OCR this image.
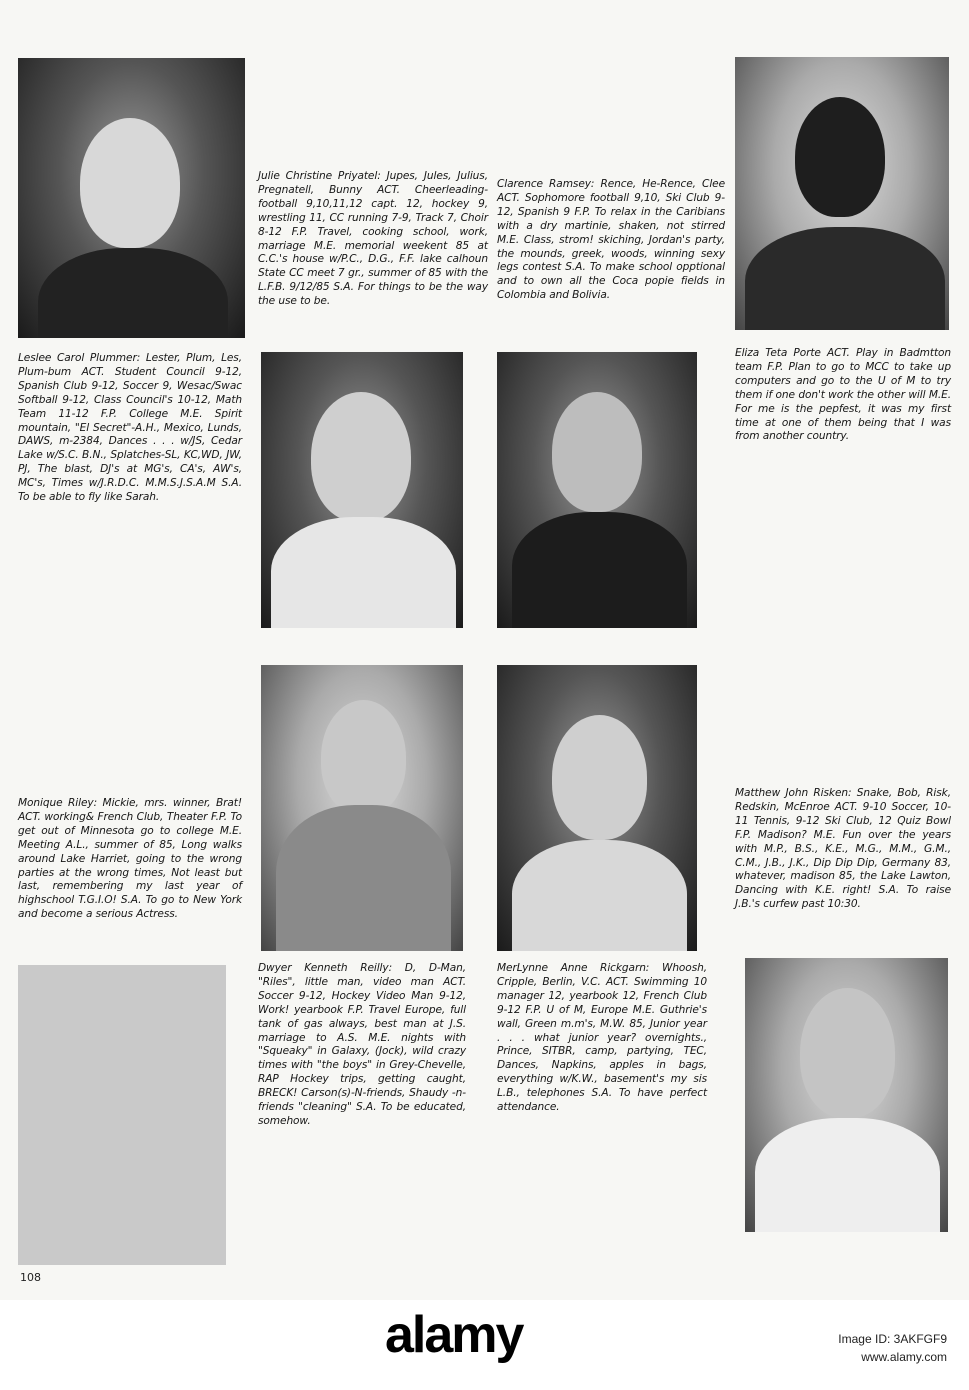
Leslee Carol Plummer: Lester, Plum, Les, Plum-bum ACT. Student Council 9-12, Spanish Club 9-12, Soccer 9, Wesac/Swac Softball 9-12, Class Council's 10-12, Math Team 11-12 F.P. College M.E. Spirit mountain, "El Secret"-A.H., Mexico, Lunds, DAWS, m-2384, Dances . . . w/JS, Cedar Lake w/S.C. B.N., Splatches-SL, KC,WD, JW, PJ, The blast, DJ's at MG's, CA's, AW's, MC's, Times w/J.R.D.C. M.M.S.J.S.A.M S.A. To be able to fly like Sarah.
Julie Christine Priyatel: Jupes, Jules, Julius, Pregnatell, Bunny ACT. Cheerleading-football 9,10,11,12 capt. 12, hockey 9, wrestling 11, CC running 7-9, Track 7, Choir 8-12 F.P. Travel, cooking school, work, marriage M.E. memorial weekent 85 at C.C.'s house w/P.C., D.G., F.F. lake calhoun State CC meet 7 gr., summer of 85 with the L.F.B. 9/12/85 S.A. For things to be the way the use to be.
Clarence Ramsey: Rence, He-Rence, Clee ACT. Sophomore football 9,10, Ski Club 9-12, Spanish 9 F.P. To relax in the Caribians with a dry martinie, shaken, not stirred M.E. Class, strom! skiching, Jordan's party, the mounds, greek, woods, winning sexy legs contest S.A. To make school opptional and to own all the Coca popie fields in Colombia and Bolivia.
Eliza Teta Porte ACT. Play in Badmtton team F.P. Plan to go to MCC to take up computers and go to the U of M to try them if one don't work the other will M.E. For me is the pepfest, it was my first time at one of them being that I was from another country.
Monique Riley: Mickie, mrs. winner, Brat! ACT. working& French Club, Theater F.P. To get out of Minnesota go to college M.E. Meeting A.L., summer of 85, Long walks around Lake Harriet, going to the wrong parties at the wrong times, Not least but last, remembering my last year of highschool T.G.I.O! S.A. To go to New York and become a serious Actress.
Dwyer Kenneth Reilly: D, D-Man, "Riles", little man, video man ACT. Soccer 9-12, Hockey Video Man 9-12, Work! yearbook F.P. Travel Europe, full tank of gas always, best man at J.S. marriage to A.S. M.E. nights with "Squeaky" in Galaxy, (Jock), wild crazy times with "the boys" in Grey-Chevelle, RAP Hockey trips, getting caught, BRECK! Carson(s)-N-friends, Shaudy -n- friends "cleaning" S.A. To be educated, somehow.
MerLynne Anne Rickgarn: Whoosh, Cripple, Berlin, V.C. ACT. Swimming 10 manager 12, yearbook 12, French Club 9-12 F.P. U of M, Europe M.E. Guthrie's wall, Green m.m's, M.W. 85, Junior year . . . what junior year? overnights., Prince, SITBR, camp, partying, TEC, Dances, Napkins, apples in bags, everything w/K.W., basement's my sis L.B., telephones S.A. To have perfect attendance.
Matthew John Risken: Snake, Bob, Risk, Redskin, McEnroe ACT. 9-10 Soccer, 10-11 Tennis, 9-12 Ski Club, 12 Quiz Bowl F.P. Madison? M.E. Fun over the years with M.P., B.S., K.E., M.G., M.M., G.M., C.M., J.B., J.K., Dip Dip Dip, Germany 83, whatever, madison 85, the Lake Lawton, Dancing with K.E. right! S.A. To raise J.B.'s curfew past 10:30.
108
alamy	Image ID: 3AKFGF9
www.alamy.com
